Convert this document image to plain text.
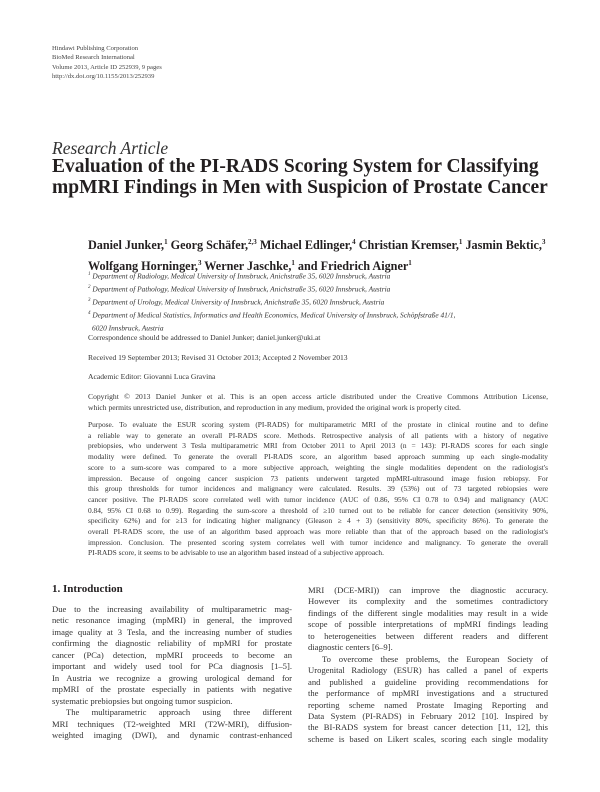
Hindawi Publishing Corporation
BioMed Research International
Volume 2013, Article ID 252939, 9 pages
http://dx.doi.org/10.1155/2013/252939
Research Article
Evaluation of the PI-RADS Scoring System for Classifying
mpMRI Findings in Men with Suspicion of Prostate Cancer
Daniel Junker,$^1$ Georg Schäfer,$^{2,3}$ Michael Edlinger,$^4$ Christian Kremser,$^1$ Jasmin Bektic,$^3$
Wolfgang Horninger,$^3$ Werner Jaschke,$^1$ and Friedrich Aigner$^1$
$^1$ Department of Radiology, Medical University of Innsbruck, Anichstraße 35, 6020 Innsbruck, Austria
$^2$ Department of Pathology, Medical University of Innsbruck, Anichstraße 35, 6020 Innsbruck, Austria
$^3$ Department of Urology, Medical University of Innsbruck, Anichstraße 35, 6020 Innsbruck, Austria
$^4$ Department of Medical Statistics, Informatics and Health Economics, Medical University of Innsbruck, Schöpfstraße 41/1,
6020 Innsbruck, Austria
Correspondence should be addressed to Daniel Junker; daniel.junker@uki.at
Received 19 September 2013; Revised 31 October 2013; Accepted 2 November 2013
Academic Editor: Giovanni Luca Gravina
Copyright © 2013 Daniel Junker et al. This is an open access article distributed under the Creative Commons Attribution License,
which permits unrestricted use, distribution, and reproduction in any medium, provided the original work is properly cited.
Purpose. To evaluate the ESUR scoring system (PI-RADS) for multiparametric MRI of the prostate in clinical routine and to define
a reliable way to generate an overall PI-RADS score. Methods. Retrospective analysis of all patients with a history of negative
prebiopsies, who underwent 3 Tesla multiparametric MRI from October 2011 to April 2013 (n = 143): PI-RADS scores for each single
modality were defined. To generate the overall PI-RADS score, an algorithm based approach summing up each single-modality
score to a sum-score was compared to a more subjective approach, weighting the single modalities dependent on the radiologist's
impression. Because of ongoing cancer suspicion 73 patients underwent targeted mpMRI-ultrasound image fusion rebiopsy. For
this group thresholds for tumor incidences and malignancy were calculated. Results. 39 (53%) out of 73 targeted rebiopsies were
cancer positive. The PI-RADS score correlated well with tumor incidence (AUC of 0.86, 95% CI 0.78 to 0.94) and malignancy (AUC
0.84, 95% CI 0.68 to 0.99). Regarding the sum-score a threshold of ≥10 turned out to be reliable for cancer detection (sensitivity 90%,
specificity 62%) and for ≥13 for indicating higher malignancy (Gleason ≥ 4 + 3) (sensitivity 80%, specificity 86%). To generate the
overall PI-RADS score, the use of an algorithm based approach was more reliable than that of the approach based on the radiologist's
impression. Conclusion. The presented scoring system correlates well with tumor incidence and malignancy. To generate the overall
PI-RADS score, it seems to be advisable to use an algorithm based instead of a subjective approach.
1. Introduction
Due to the increasing availability of multiparametric mag-
netic resonance imaging (mpMRI) in general, the improved
image quality at 3 Tesla, and the increasing number of studies
confirming the diagnostic reliability of mpMRI for prostate
cancer (PCa) detection, mpMRI proceeds to become an
important and widely used tool for PCa diagnosis [1–5].
In Austria we recognize a growing urological demand for
mpMRI of the prostate especially in patients with negative
systematic prebiopsies but ongoing tumor suspicion.
The multiparametric approach using three different
MRI techniques (T2-weighted MRI (T2W-MRI), diffusion-
weighted imaging (DWI), and dynamic contrast-enhanced
MRI (DCE-MRI)) can improve the diagnostic accuracy.
However its complexity and the sometimes contradictory
findings of the different single modalities may result in a wide
scope of possible interpretations of mpMRI findings leading
to heterogeneities between different readers and different
diagnostic centers [6–9].
To overcome these problems, the European Society of
Urogenital Radiology (ESUR) has called a panel of experts
and published a guideline providing recommendations for
the performance of mpMRI investigations and a structured
reporting scheme named Prostate Imaging Reporting and
Data System (PI-RADS) in February 2012 [10]. Inspired by
the BI-RADS system for breast cancer detection [11, 12], this
scheme is based on Likert scales, scoring each single modality
